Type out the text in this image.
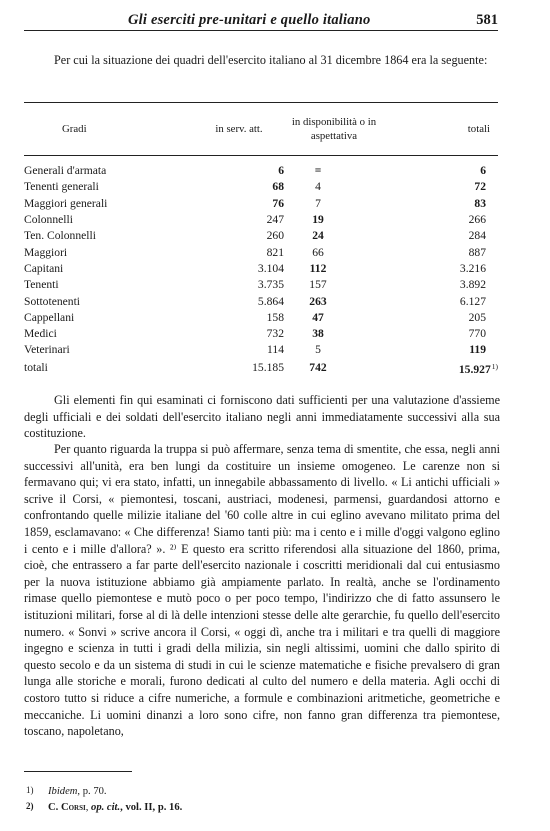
Gli eserciti pre-unitari e quello italiano	581

Per cui la situazione dei quadri dell'esercito italiano al 31 dicembre 1864 era la seguente:

Gradi	in serv. att.	in disponibilità o in aspettativa	totali
Generali d'armata	6	=	6
Tenenti generali	68	4	72
Maggiori generali	76	7	83
Colonnelli	247	19	266
Ten. Colonnelli	260	24	284
Maggiori	821	66	887
Capitani	3.104	112	3.216
Tenenti	3.735	157	3.892
Sottotenenti	5.864	263	6.127
Cappellani	158	47	205
Medici	732	38	770
Veterinari	114	5	119
totali	15.185	742	15.927$^{1)}$

Gli elementi fin qui esaminati ci forniscono dati sufficienti per una valutazione d'assieme degli ufficiali e dei soldati dell'esercito italiano negli anni immediatamente successivi alla sua costituzione.

Per quanto riguarda la truppa si può affermare, senza tema di smentite, che essa, negli anni successivi all'unità, era ben lungi da costituire un insieme omogeneo. Le carenze non si fermavano qui; vi era stato, infatti, un innegabile abbassamento di livello. « Li antichi ufficiali » scrive il Corsi, « piemontesi, toscani, austriaci, modenesi, parmensi, guardandosi attorno e confrontando quelle milizie italiane del '60 colle altre in cui eglino avevano militato prima del 1859, esclamavano: « Che differenza! Siamo tanti più: ma i cento e i mille d'oggi valgono eglino i cento e i mille d'allora? ». ²⁾ E questo era scritto riferendosi alla situazione del 1860, prima, cioè, che entrassero a far parte dell'esercito nazionale i coscritti meridionali dal cui entusiasmo per la nuova istituzione abbiamo già ampiamente parlato. In realtà, anche se l'ordinamento rimase quello piemontese e mutò poco o per poco tempo, l'indirizzo che di fatto assunsero le istituzioni militari, forse al di là delle intenzioni stesse delle alte gerarchie, fu quello dell'esercito numero. « Sonvi » scrive ancora il Corsi, « oggi dì, anche tra i militari e tra quelli di maggiore ingegno e scienza in tutti i gradi della milizia, sin negli altissimi, uomini che dallo spirito di questo secolo e da un sistema di studi in cui le scienze matematiche e fisiche prevalsero di gran lunga alle storiche e morali, furono dedicati al culto del numero e della materia. Agli occhi di costoro tutto si riduce a cifre numeriche, a formule e combinazioni aritmetiche, geometriche e meccaniche. Li uomini dinanzi a loro sono cifre, non fanno gran differenza tra piemontese, toscano, napoletano,

1) Ibidem, p. 70.
2) C. Corsi, op. cit., vol. II, p. 16.
